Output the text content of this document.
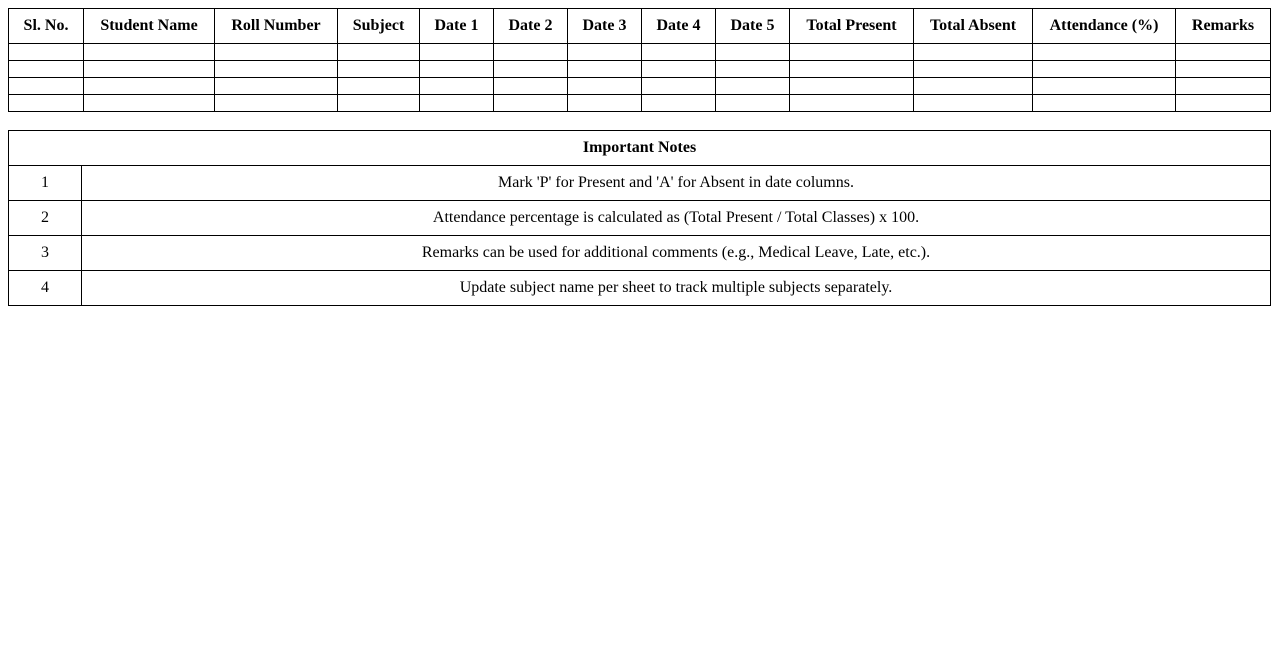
Sl. No.	Student Name	Roll Number	Subject	Date 1	Date 2	Date 3	Date 4	Date 5	Total Present	Total Absent	Attendance (%)	Remarks

Important Notes	
1	Mark 'P' for Present and 'A' for Absent in date columns.
2	Attendance percentage is calculated as (Total Present / Total Classes) x 100.
3	Remarks can be used for additional comments (e.g., Medical Leave, Late, etc.).
4	Update subject name per sheet to track multiple subjects separately.
